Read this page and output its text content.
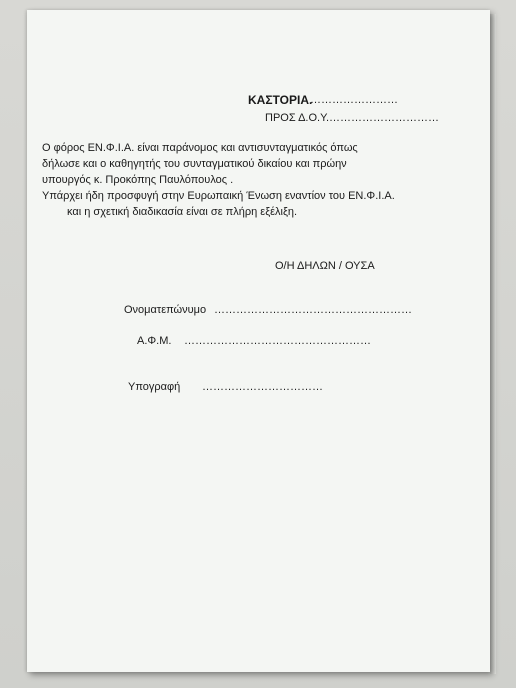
ΚΑΣΤΟΡΙΑ.
……………………
ΠΡΟΣ Δ.Ο.Υ. …………………………
Ο φόρος ΕΝ.Φ.Ι.Α. είναι παράνομος και αντισυνταγματικός όπως
δήλωσε και ο καθηγητής του συνταγματικού δικαίου και πρώην
υπουργός κ. Προκόπης Παυλόπουλος .
Υπάρχει ήδη προσφυγή στην Ευρωπαική Ένωση εναντίον του ΕΝ.Φ.Ι.Α.
και η σχετική διαδικασία είναι σε πλήρη εξέλιξη.
Ο/Η ΔΗΛΩΝ / ΟΥΣΑ
Ονοματεπώνυμο ………………………………………………
Α.Φ.Μ. ……………………………………………
Υπογραφή ……………………………
